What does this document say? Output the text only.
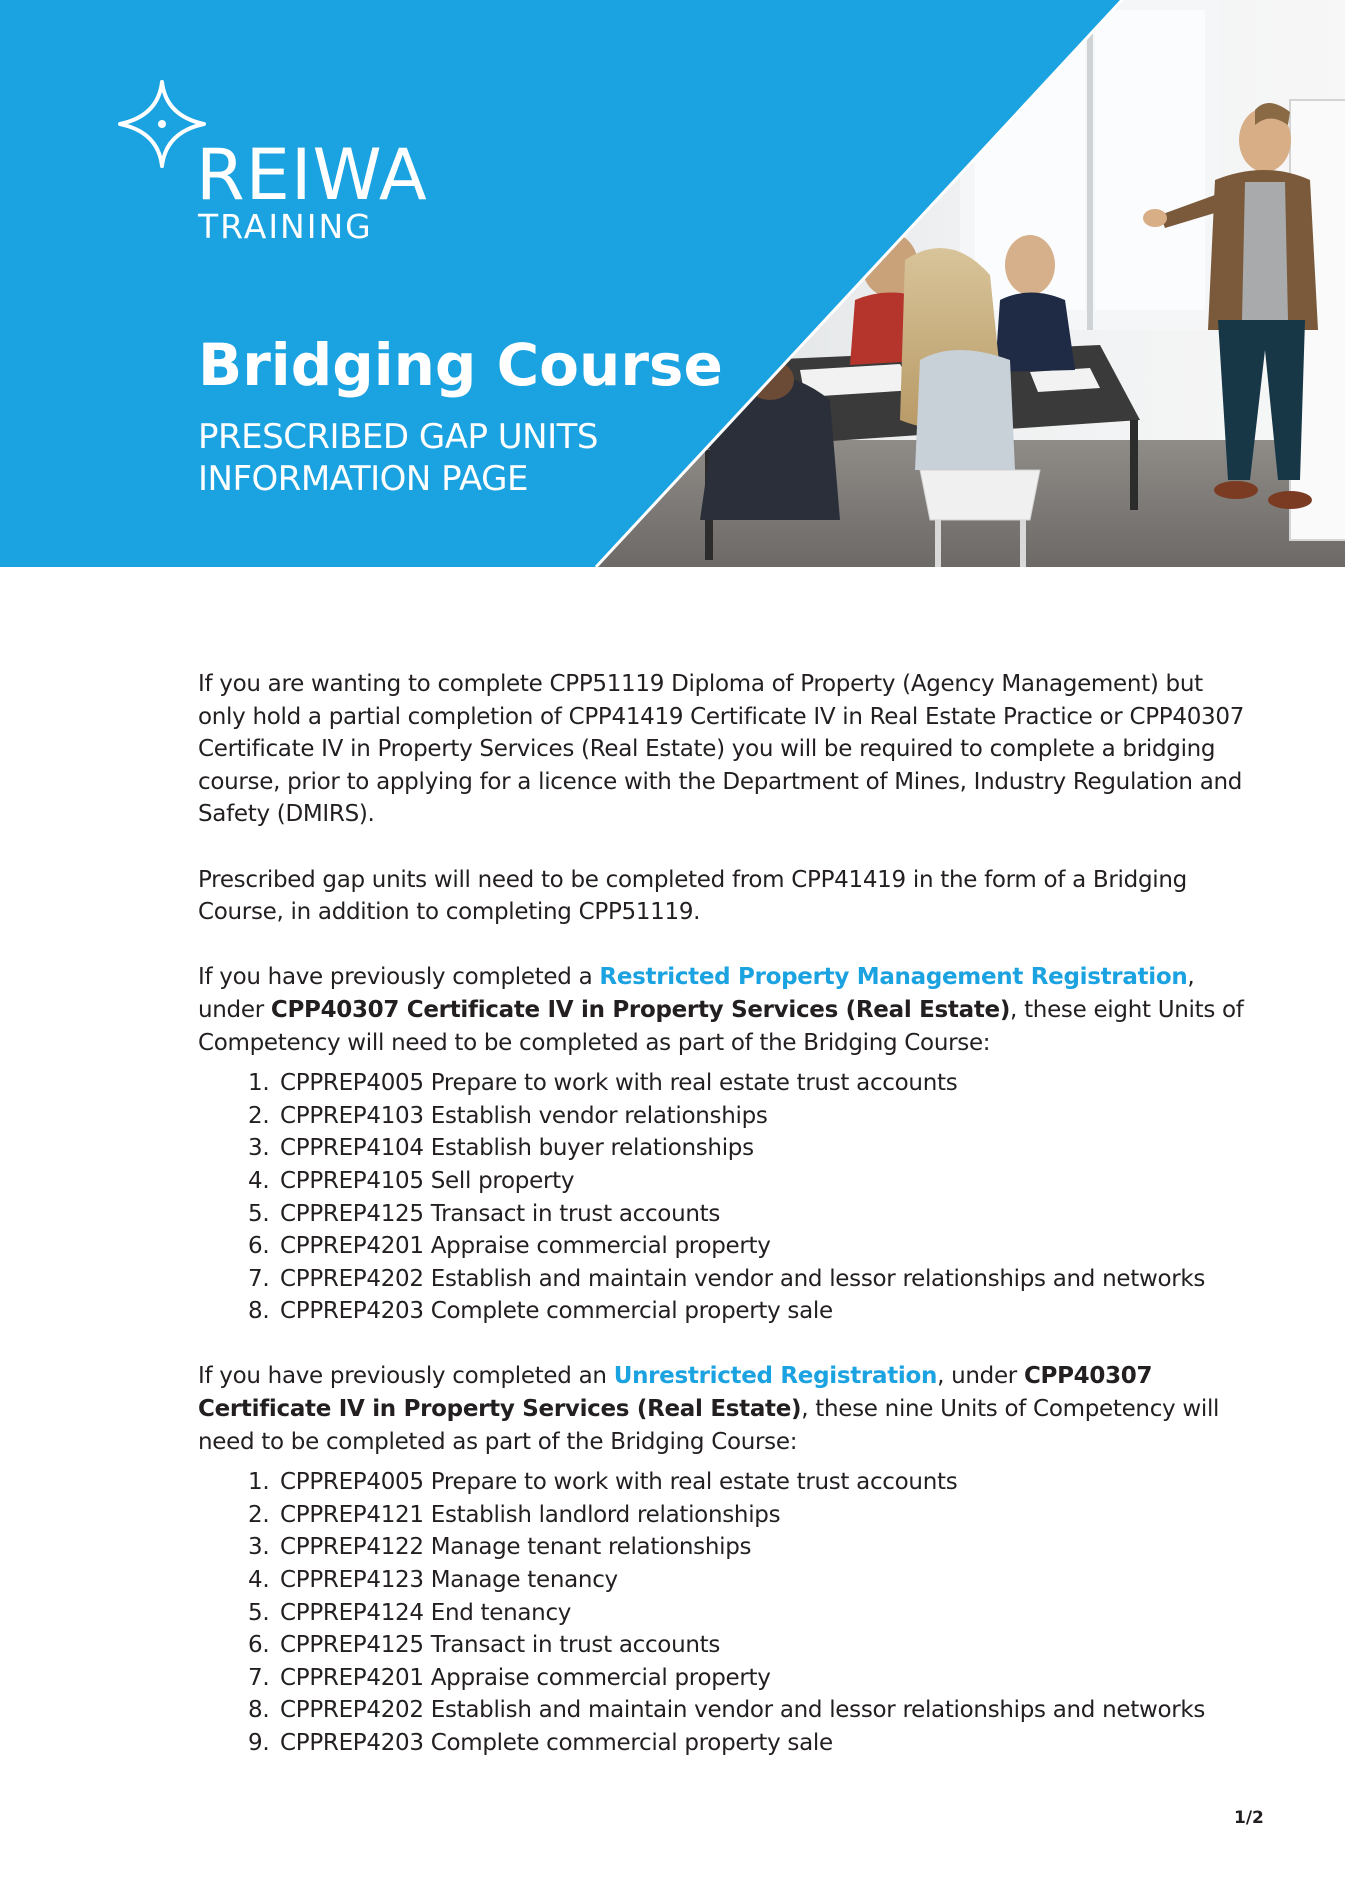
REIWA
TRAINING
Bridging Course
PRESCRIBED GAP UNITS
INFORMATION PAGE

If you are wanting to complete CPP51119 Diploma of Property (Agency Management) but
only hold a partial completion of CPP41419 Certificate IV in Real Estate Practice or CPP40307
Certificate IV in Property Services (Real Estate) you will be required to complete a bridging
course, prior to applying for a licence with the Department of Mines, Industry Regulation and
Safety (DMIRS).

Prescribed gap units will need to be completed from CPP41419 in the form of a Bridging
Course, in addition to completing CPP51119.

If you have previously completed a Restricted Property Management Registration,
under CPP40307 Certificate IV in Property Services (Real Estate), these eight Units of
Competency will need to be completed as part of the Bridging Course:

1. CPPREP4005 Prepare to work with real estate trust accounts
2. CPPREP4103 Establish vendor relationships
3. CPPREP4104 Establish buyer relationships
4. CPPREP4105 Sell property
5. CPPREP4125 Transact in trust accounts
6. CPPREP4201 Appraise commercial property
7. CPPREP4202 Establish and maintain vendor and lessor relationships and networks
8. CPPREP4203 Complete commercial property sale

If you have previously completed an Unrestricted Registration, under CPP40307
Certificate IV in Property Services (Real Estate), these nine Units of Competency will
need to be completed as part of the Bridging Course:

1. CPPREP4005 Prepare to work with real estate trust accounts
2. CPPREP4121 Establish landlord relationships
3. CPPREP4122 Manage tenant relationships
4. CPPREP4123 Manage tenancy
5. CPPREP4124 End tenancy
6. CPPREP4125 Transact in trust accounts
7. CPPREP4201 Appraise commercial property
8. CPPREP4202 Establish and maintain vendor and lessor relationships and networks
9. CPPREP4203 Complete commercial property sale
1/2
